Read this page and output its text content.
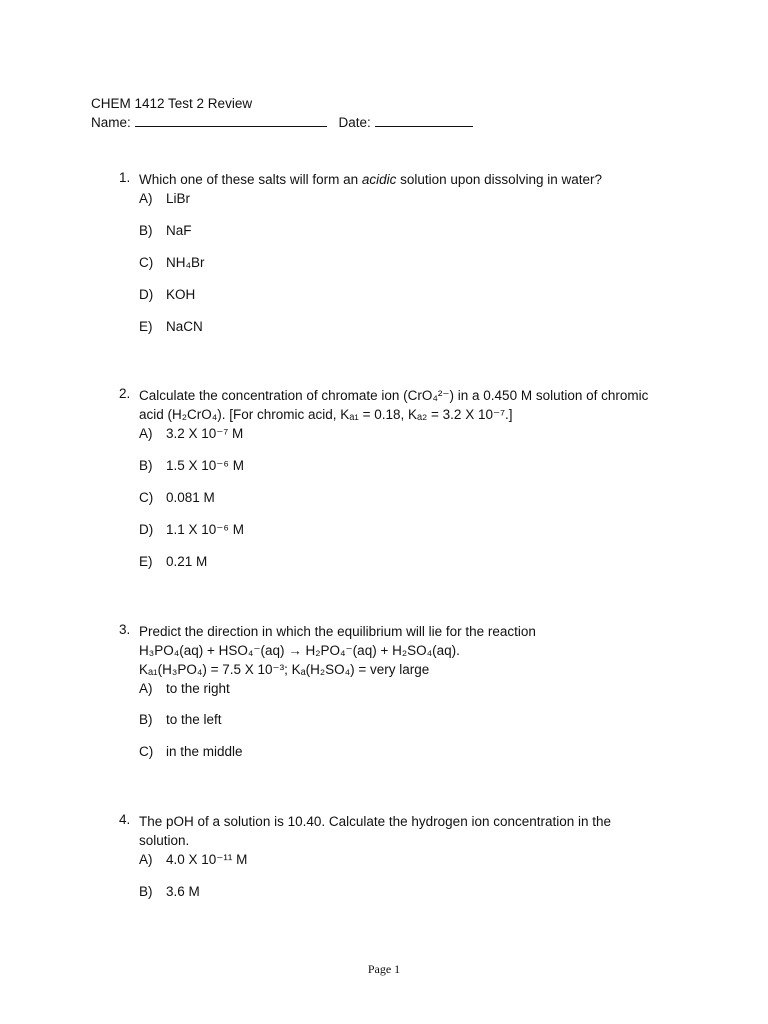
CHEM 1412 Test 2 Review
Name:	Date:
1. Which one of these salts will form an acidic solution upon dissolving in water?
A) LiBr
B) NaF
C) NH₄Br
D) KOH
E) NaCN
2. Calculate the concentration of chromate ion (CrO₄²⁻) in a 0.450 M solution of chromic
acid (H₂CrO₄). [For chromic acid, Kₐ₁ = 0.18, Kₐ₂ = 3.2 X 10⁻⁷.]
A) 3.2 X 10⁻⁷ M
B) 1.5 X 10⁻⁶ M
C) 0.081 M
D) 1.1 X 10⁻⁶ M
E) 0.21 M
3. Predict the direction in which the equilibrium will lie for the reaction
H₃PO₄(aq) + HSO₄⁻(aq) → H₂PO₄⁻(aq) + H₂SO₄(aq).
Kₐ₁(H₃PO₄) = 7.5 X 10⁻³; Kₐ(H₂SO₄) = very large
A) to the right
B) to the left
C) in the middle
4. The pOH of a solution is 10.40. Calculate the hydrogen ion concentration in the
solution.
A) 4.0 X 10⁻¹¹ M
B) 3.6 M
Page 1
